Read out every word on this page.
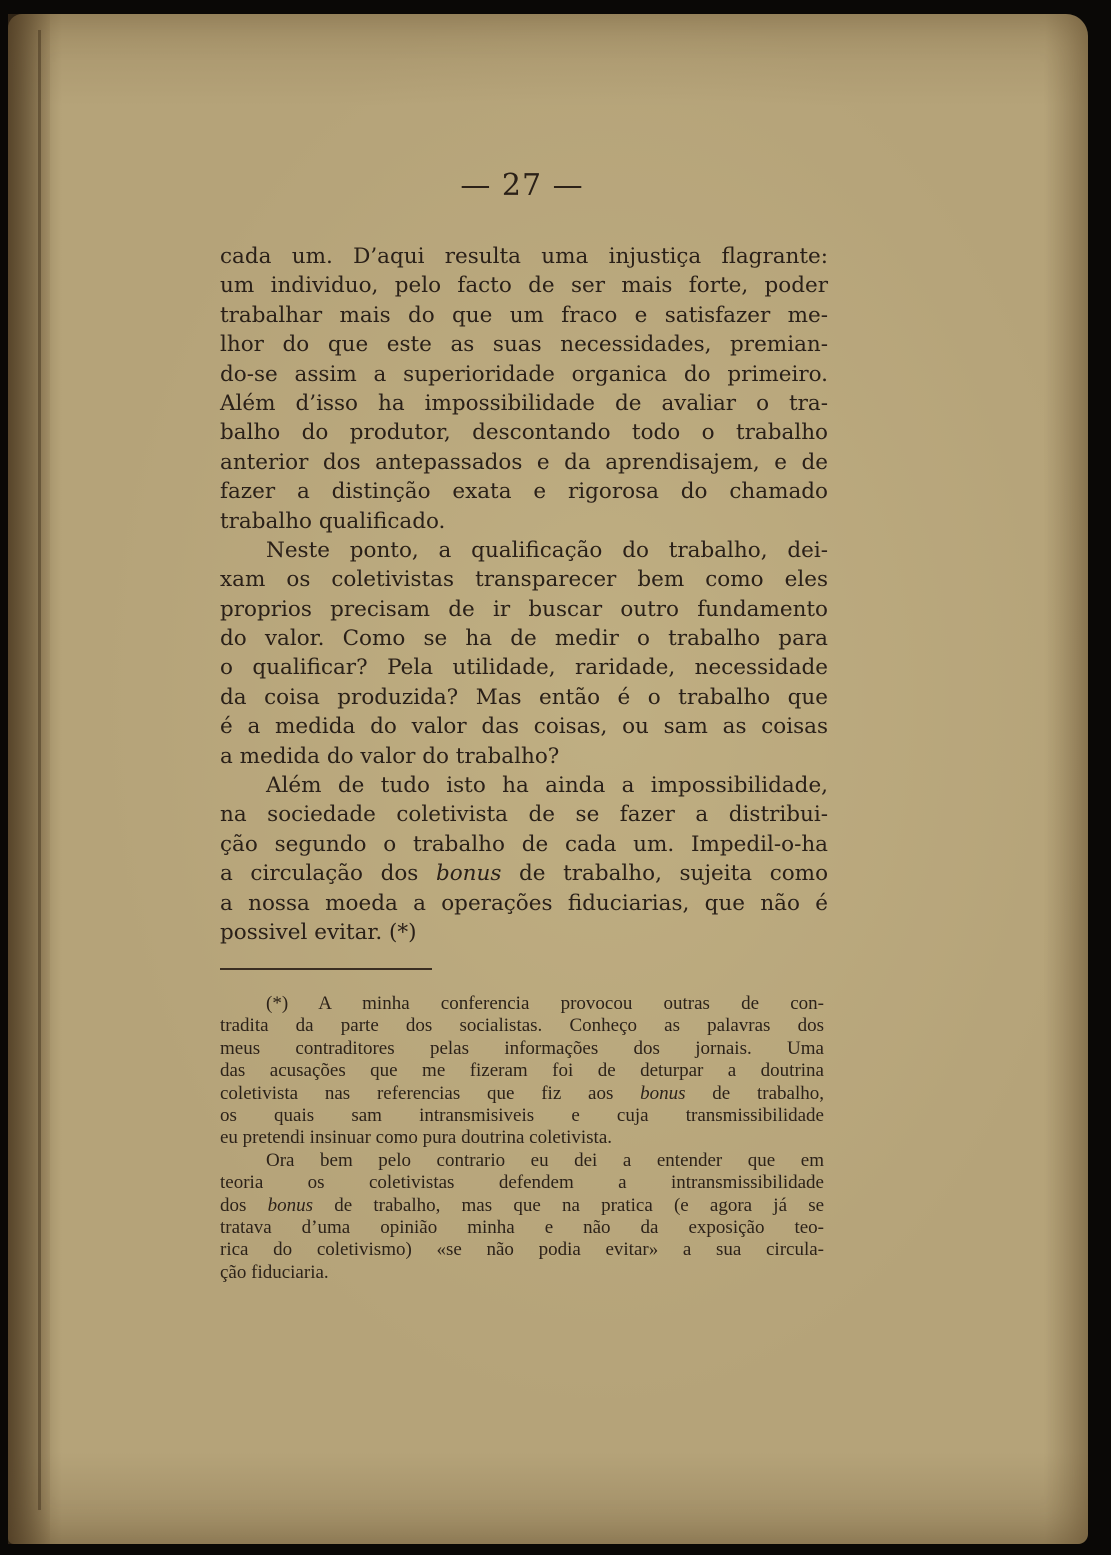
— 27 —
cada um. D’aqui resulta uma injustiça flagrante:
um individuo, pelo facto de ser mais forte, poder
trabalhar mais do que um fraco e satisfazer me-
lhor do que este as suas necessidades, premian-
do-se assim a superioridade organica do primeiro.
Além d’isso ha impossibilidade de avaliar o tra-
balho do produtor, descontando todo o trabalho
anterior dos antepassados e da aprendisajem, e de
fazer a distinção exata e rigorosa do chamado
trabalho qualificado.
Neste ponto, a qualificação do trabalho, dei-
xam os coletivistas transparecer bem como eles
proprios precisam de ir buscar outro fundamento
do valor. Como se ha de medir o trabalho para
o qualificar? Pela utilidade, raridade, necessidade
da coisa produzida? Mas então é o trabalho que
é a medida do valor das coisas, ou sam as coisas
a medida do valor do trabalho?
Além de tudo isto ha ainda a impossibilidade,
na sociedade coletivista de se fazer a distribui-
ção segundo o trabalho de cada um. Impedil-o-ha
a circulação dos bonus de trabalho, sujeita como
a nossa moeda a operações fiduciarias, que não é
possivel evitar. (*)
(*) A minha conferencia provocou outras de con-
tradita da parte dos socialistas. Conheço as palavras dos
meus contraditores pelas informações dos jornais. Uma
das acusações que me fizeram foi de deturpar a doutrina
coletivista nas referencias que fiz aos bonus de trabalho,
os quais sam intransmisiveis e cuja transmissibilidade
eu pretendi insinuar como pura doutrina coletivista.
Ora bem pelo contrario eu dei a entender que em
teoria os coletivistas defendem a intransmissibilidade
dos bonus de trabalho, mas que na pratica (e agora já se
tratava d’uma opinião minha e não da exposição teo-
rica do coletivismo) «se não podia evitar» a sua circula-
ção fiduciaria.
